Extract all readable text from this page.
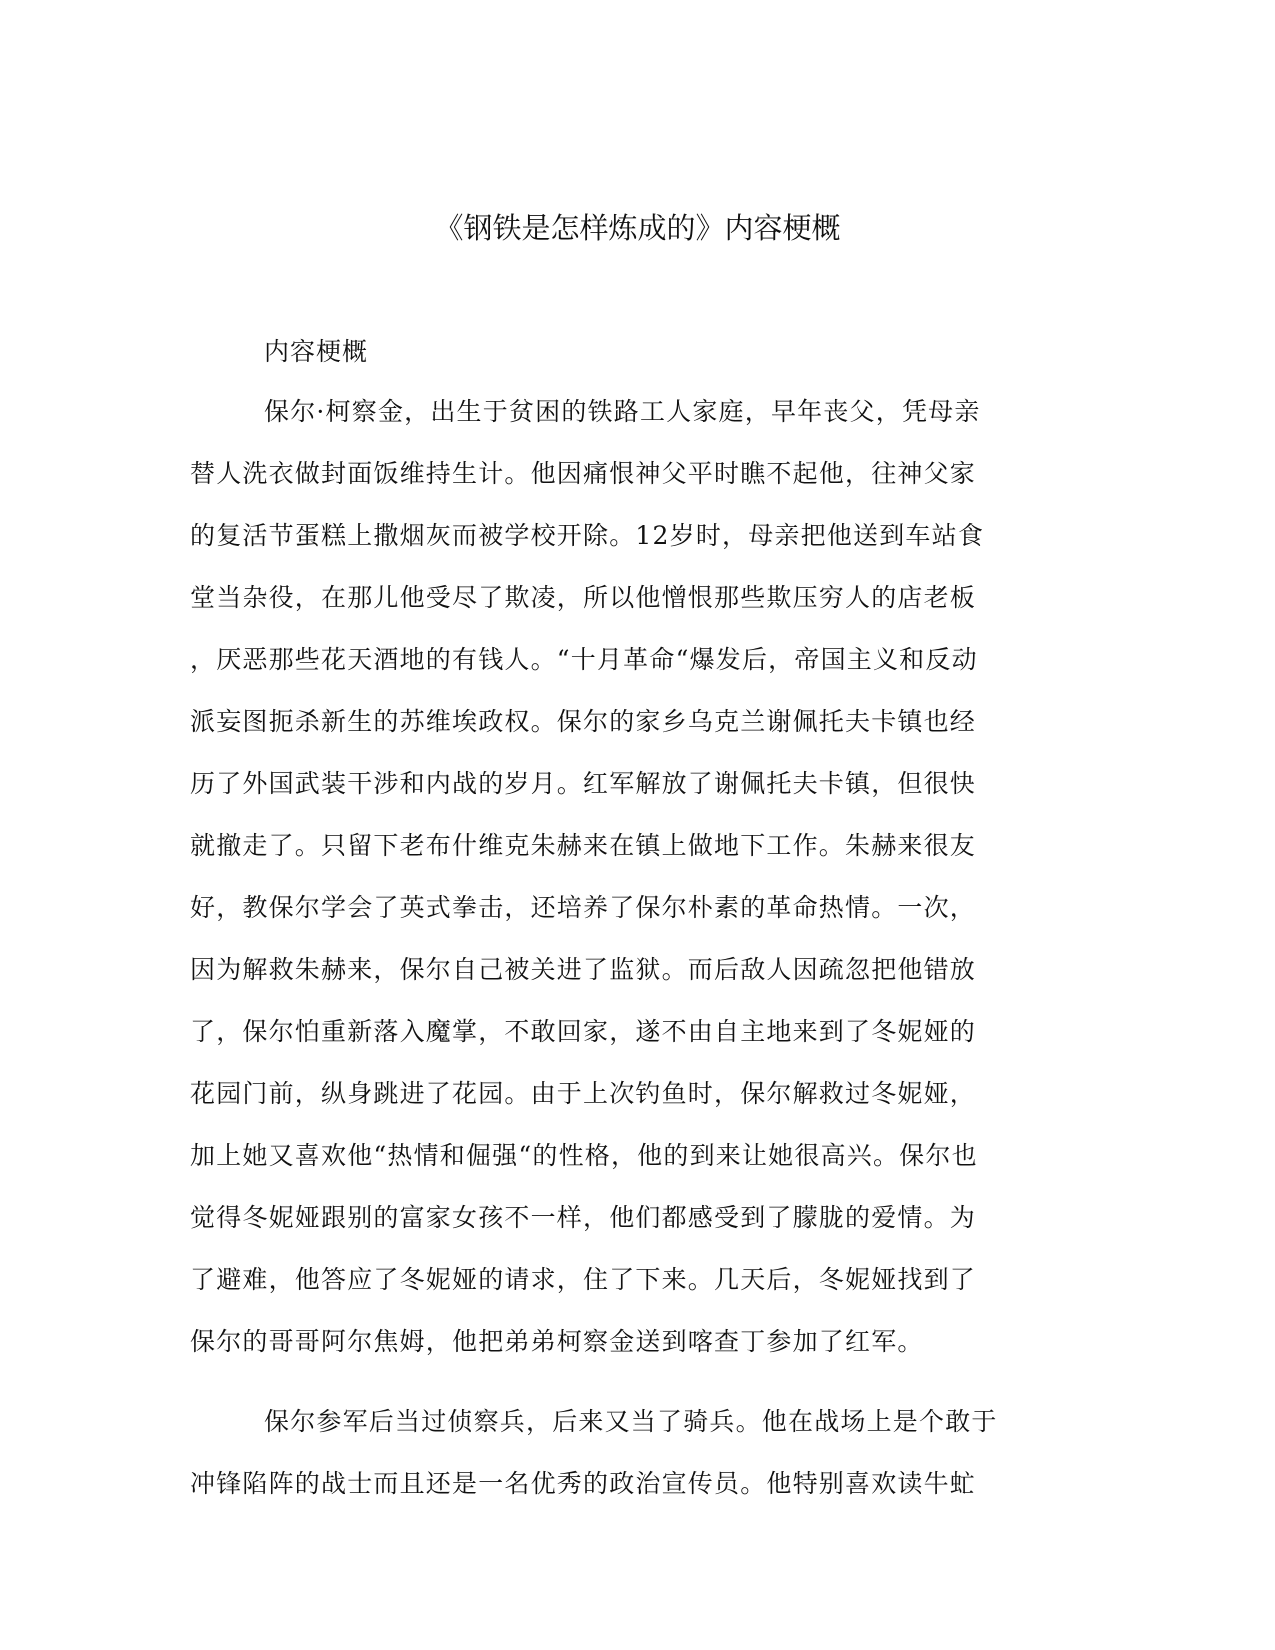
《钢铁是怎样炼成的》内容梗概
内容梗概
保尔·柯察金，出生于贫困的铁路工人家庭，早年丧父，凭母亲
替人洗衣做封面饭维持生计。他因痛恨神父平时瞧不起他，往神父家
的复活节蛋糕上撒烟灰而被学校开除。12岁时，母亲把他送到车站食
堂当杂役，在那儿他受尽了欺凌，所以他憎恨那些欺压穷人的店老板
，厌恶那些花天酒地的有钱人。“十月革命“爆发后，帝国主义和反动
派妄图扼杀新生的苏维埃政权。保尔的家乡乌克兰谢佩托夫卡镇也经
历了外国武装干涉和内战的岁月。红军解放了谢佩托夫卡镇，但很快
就撤走了。只留下老布什维克朱赫来在镇上做地下工作。朱赫来很友
好，教保尔学会了英式拳击，还培养了保尔朴素的革命热情。一次，
因为解救朱赫来，保尔自己被关进了监狱。而后敌人因疏忽把他错放
了，保尔怕重新落入魔掌，不敢回家，遂不由自主地来到了冬妮娅的
花园门前，纵身跳进了花园。由于上次钓鱼时，保尔解救过冬妮娅，
加上她又喜欢他“热情和倔强“的性格，他的到来让她很高兴。保尔也
觉得冬妮娅跟别的富家女孩不一样，他们都感受到了朦胧的爱情。为
了避难，他答应了冬妮娅的请求，住了下来。几天后，冬妮娅找到了
保尔的哥哥阿尔焦姆，他把弟弟柯察金送到喀查丁参加了红军。
保尔参军后当过侦察兵，后来又当了骑兵。他在战场上是个敢于
冲锋陷阵的战士而且还是一名优秀的政治宣传员。他特别喜欢读牛虻
